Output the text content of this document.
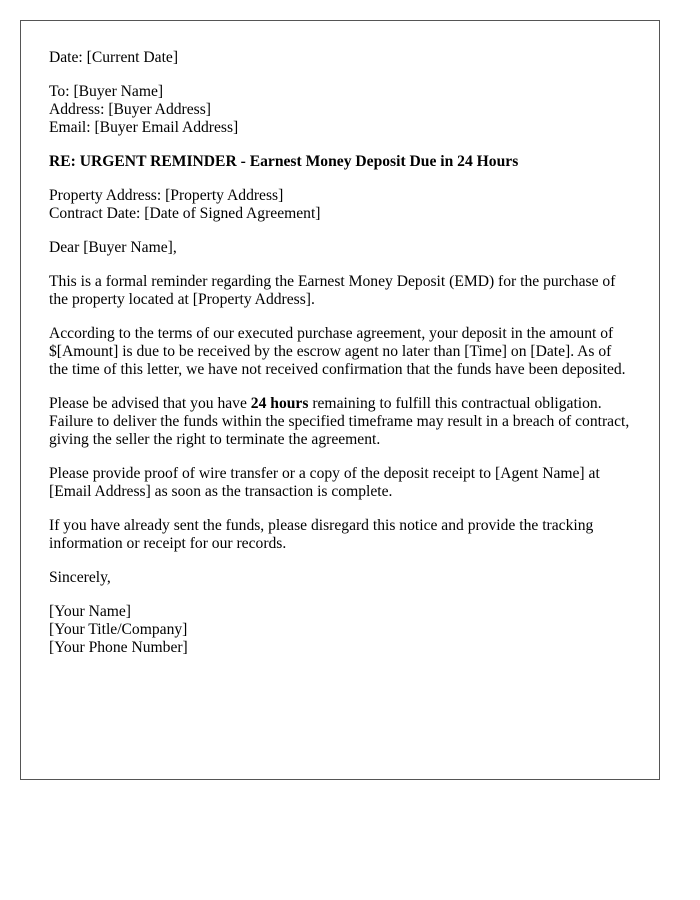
Date: [Current Date]

To: [Buyer Name]
Address: [Buyer Address]
Email: [Buyer Email Address]

RE: URGENT REMINDER - Earnest Money Deposit Due in 24 Hours

Property Address: [Property Address]
Contract Date: [Date of Signed Agreement]

Dear [Buyer Name],

This is a formal reminder regarding the Earnest Money Deposit (EMD) for the purchase of the property located at [Property Address].

According to the terms of our executed purchase agreement, your deposit in the amount of $[Amount] is due to be received by the escrow agent no later than [Time] on [Date]. As of the time of this letter, we have not received confirmation that the funds have been deposited.

Please be advised that you have 24 hours remaining to fulfill this contractual obligation. Failure to deliver the funds within the specified timeframe may result in a breach of contract, giving the seller the right to terminate the agreement.

Please provide proof of wire transfer or a copy of the deposit receipt to [Agent Name] at [Email Address] as soon as the transaction is complete.

If you have already sent the funds, please disregard this notice and provide the tracking information or receipt for our records.

Sincerely,

[Your Name]
[Your Title/Company]
[Your Phone Number]
